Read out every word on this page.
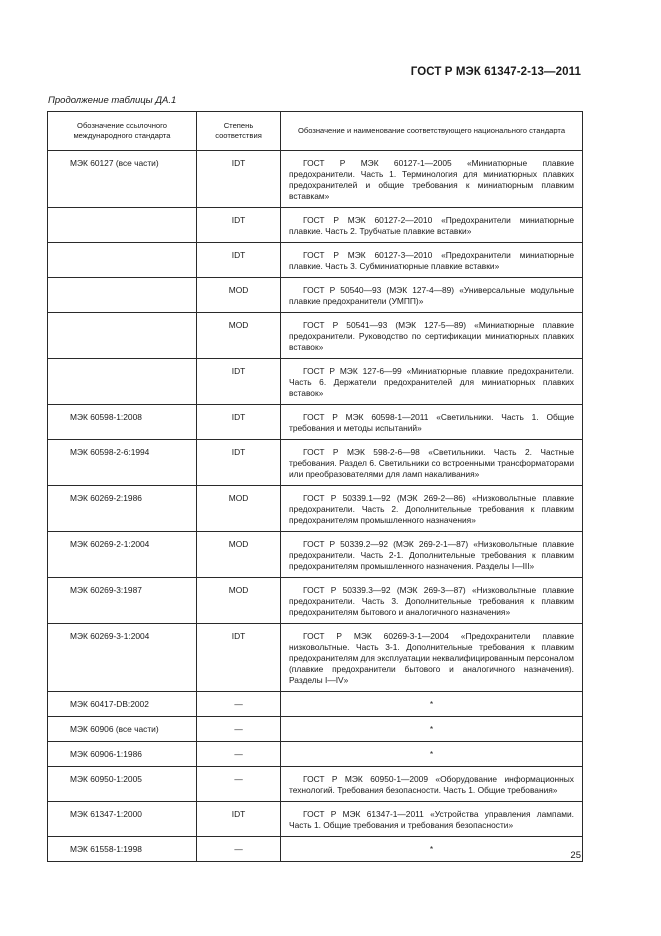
ГОСТ Р МЭК 61347-2-13—2011
Продолжение таблицы ДА.1
Обозначение ссылочного международного стандарта	Степень соответствия	Обозначение и наименование соответствующего национального стандарта
МЭК 60127 (все части)	IDT	ГОСТ Р МЭК 60127-1—2005 «Миниатюрные плавкие предохранители. Часть 1. Терминология для миниатюрных плавких предохранителей и общие требования к миниатюрным плавким вставкам»

	IDT	ГОСТ Р МЭК 60127-2—2010 «Предохранители миниатюрные плавкие. Часть 2. Трубчатые плавкие вставки»

	IDT	ГОСТ Р МЭК 60127-3—2010 «Предохранители миниатюрные плавкие. Часть 3. Субминиатюрные плавкие вставки»

	MOD	ГОСТ Р 50540—93 (МЭК 127-4—89) «Универсальные модульные плавкие предохранители (УМПП)»

	MOD	ГОСТ Р 50541—93 (МЭК 127-5—89) «Миниатюрные плавкие предохранители. Руководство по сертификации миниатюрных плавких вставок»

	IDT	ГОСТ Р МЭК 127-6—99 «Миниатюрные плавкие предохранители. Часть 6. Держатели предохранителей для миниатюрных плавких вставок»

МЭК 60598-1:2008	IDT	ГОСТ Р МЭК 60598-1—2011 «Светильники. Часть 1. Общие требования и методы испытаний»

МЭК 60598-2-6:1994	IDT	ГОСТ Р МЭК 598-2-6—98 «Светильники. Часть 2. Частные требования. Раздел 6. Светильники со встроенными трансформаторами или преобразователями для ламп накаливания»

МЭК 60269-2:1986	MOD	ГОСТ Р 50339.1—92 (МЭК 269-2—86) «Низковольтные плавкие предохранители. Часть 2. Дополнительные требования к плавким предохранителям промышленного назначения»

МЭК 60269-2-1:2004	MOD	ГОСТ Р 50339.2—92 (МЭК 269-2-1—87) «Низковольтные плавкие предохранители. Часть 2-1. Дополнительные требования к плавким предохранителям промышленного назначения. Разделы I—III»

МЭК 60269-3:1987	MOD	ГОСТ Р 50339.3—92 (МЭК 269-3—87) «Низковольтные плавкие предохранители. Часть 3. Дополнительные требования к плавким предохранителям бытового и аналогичного назначения»

МЭК 60269-3-1:2004	IDT	ГОСТ Р МЭК 60269-3-1—2004 «Предохранители плавкие низковольтные. Часть 3-1. Дополнительные требования к плавким предохранителям для эксплуатации неквалифицированным персоналом (плавкие предохранители бытового и аналогичного назначения). Разделы I—IV»

МЭК 60417-DB:2002	—	*

МЭК 60906 (все части)	—	*

МЭК 60906-1:1986	—	*

МЭК 60950-1:2005	—	ГОСТ Р МЭК 60950-1—2009 «Оборудование информационных технологий. Требования безопасности. Часть 1. Общие требования»

МЭК 61347-1:2000	IDT	ГОСТ Р МЭК 61347-1—2011 «Устройства управления лампами. Часть 1. Общие требования и требования безопасности»

МЭК 61558-1:1998	—	*
25
